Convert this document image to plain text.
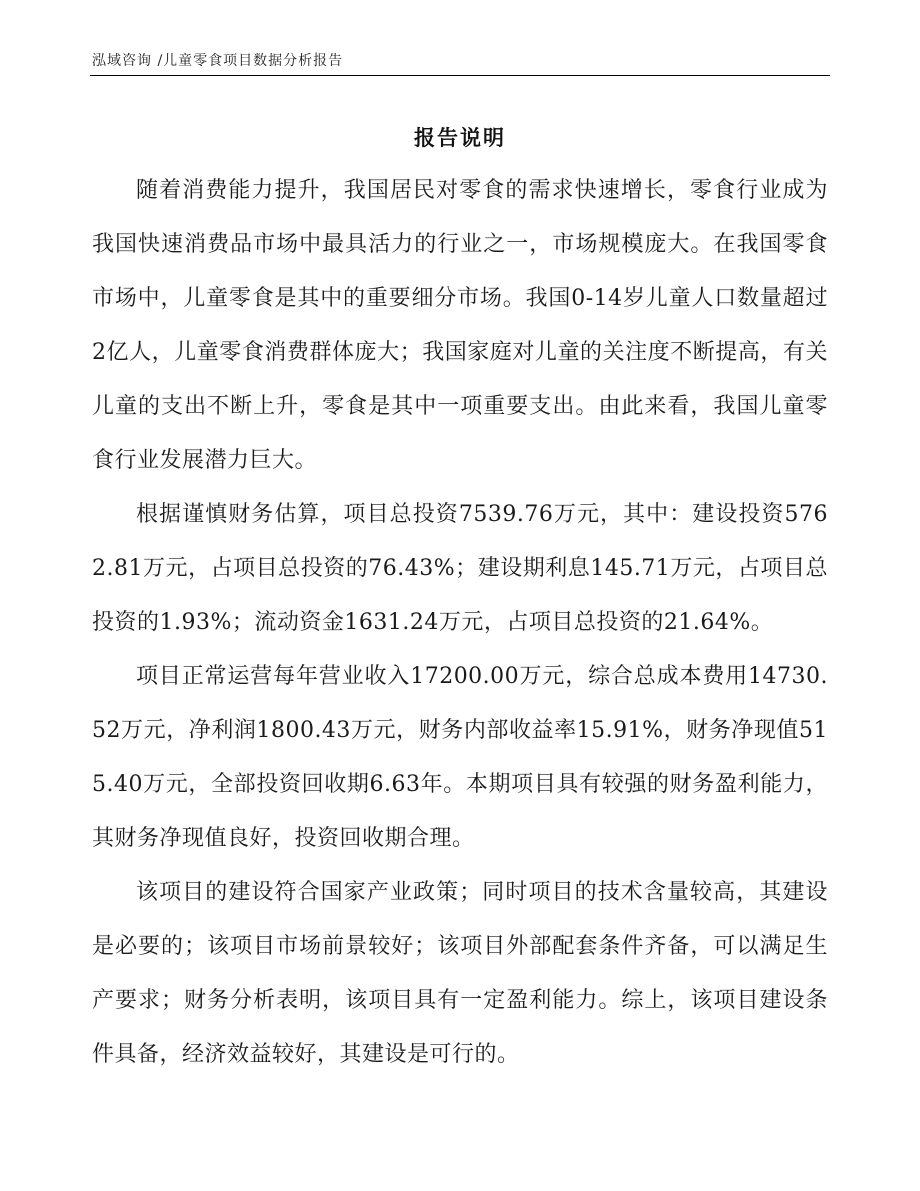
泓域咨询 /儿童零食项目数据分析报告
报告说明

随着消费能力提升，我国居民对零食的需求快速增长，零食行业成为我国快速消费品市场中最具活力的行业之一，市场规模庞大。在我国零食市场中，儿童零食是其中的重要细分市场。我国0-14岁儿童人口数量超过2亿人，儿童零食消费群体庞大；我国家庭对儿童的关注度不断提高，有关儿童的支出不断上升，零食是其中一项重要支出。由此来看，我国儿童零食行业发展潜力巨大。

根据谨慎财务估算，项目总投资7539.76万元，其中：建设投资5762.81万元，占项目总投资的76.43%；建设期利息145.71万元，占项目总投资的1.93%；流动资金1631.24万元，占项目总投资的21.64%。

项目正常运营每年营业收入17200.00万元，综合总成本费用14730.52万元，净利润1800.43万元，财务内部收益率15.91%，财务净现值515.40万元，全部投资回收期6.63年。本期项目具有较强的财务盈利能力，其财务净现值良好，投资回收期合理。

该项目的建设符合国家产业政策；同时项目的技术含量较高，其建设是必要的；该项目市场前景较好；该项目外部配套条件齐备，可以满足生产要求；财务分析表明，该项目具有一定盈利能力。综上，该项目建设条件具备，经济效益较好，其建设是可行的。
